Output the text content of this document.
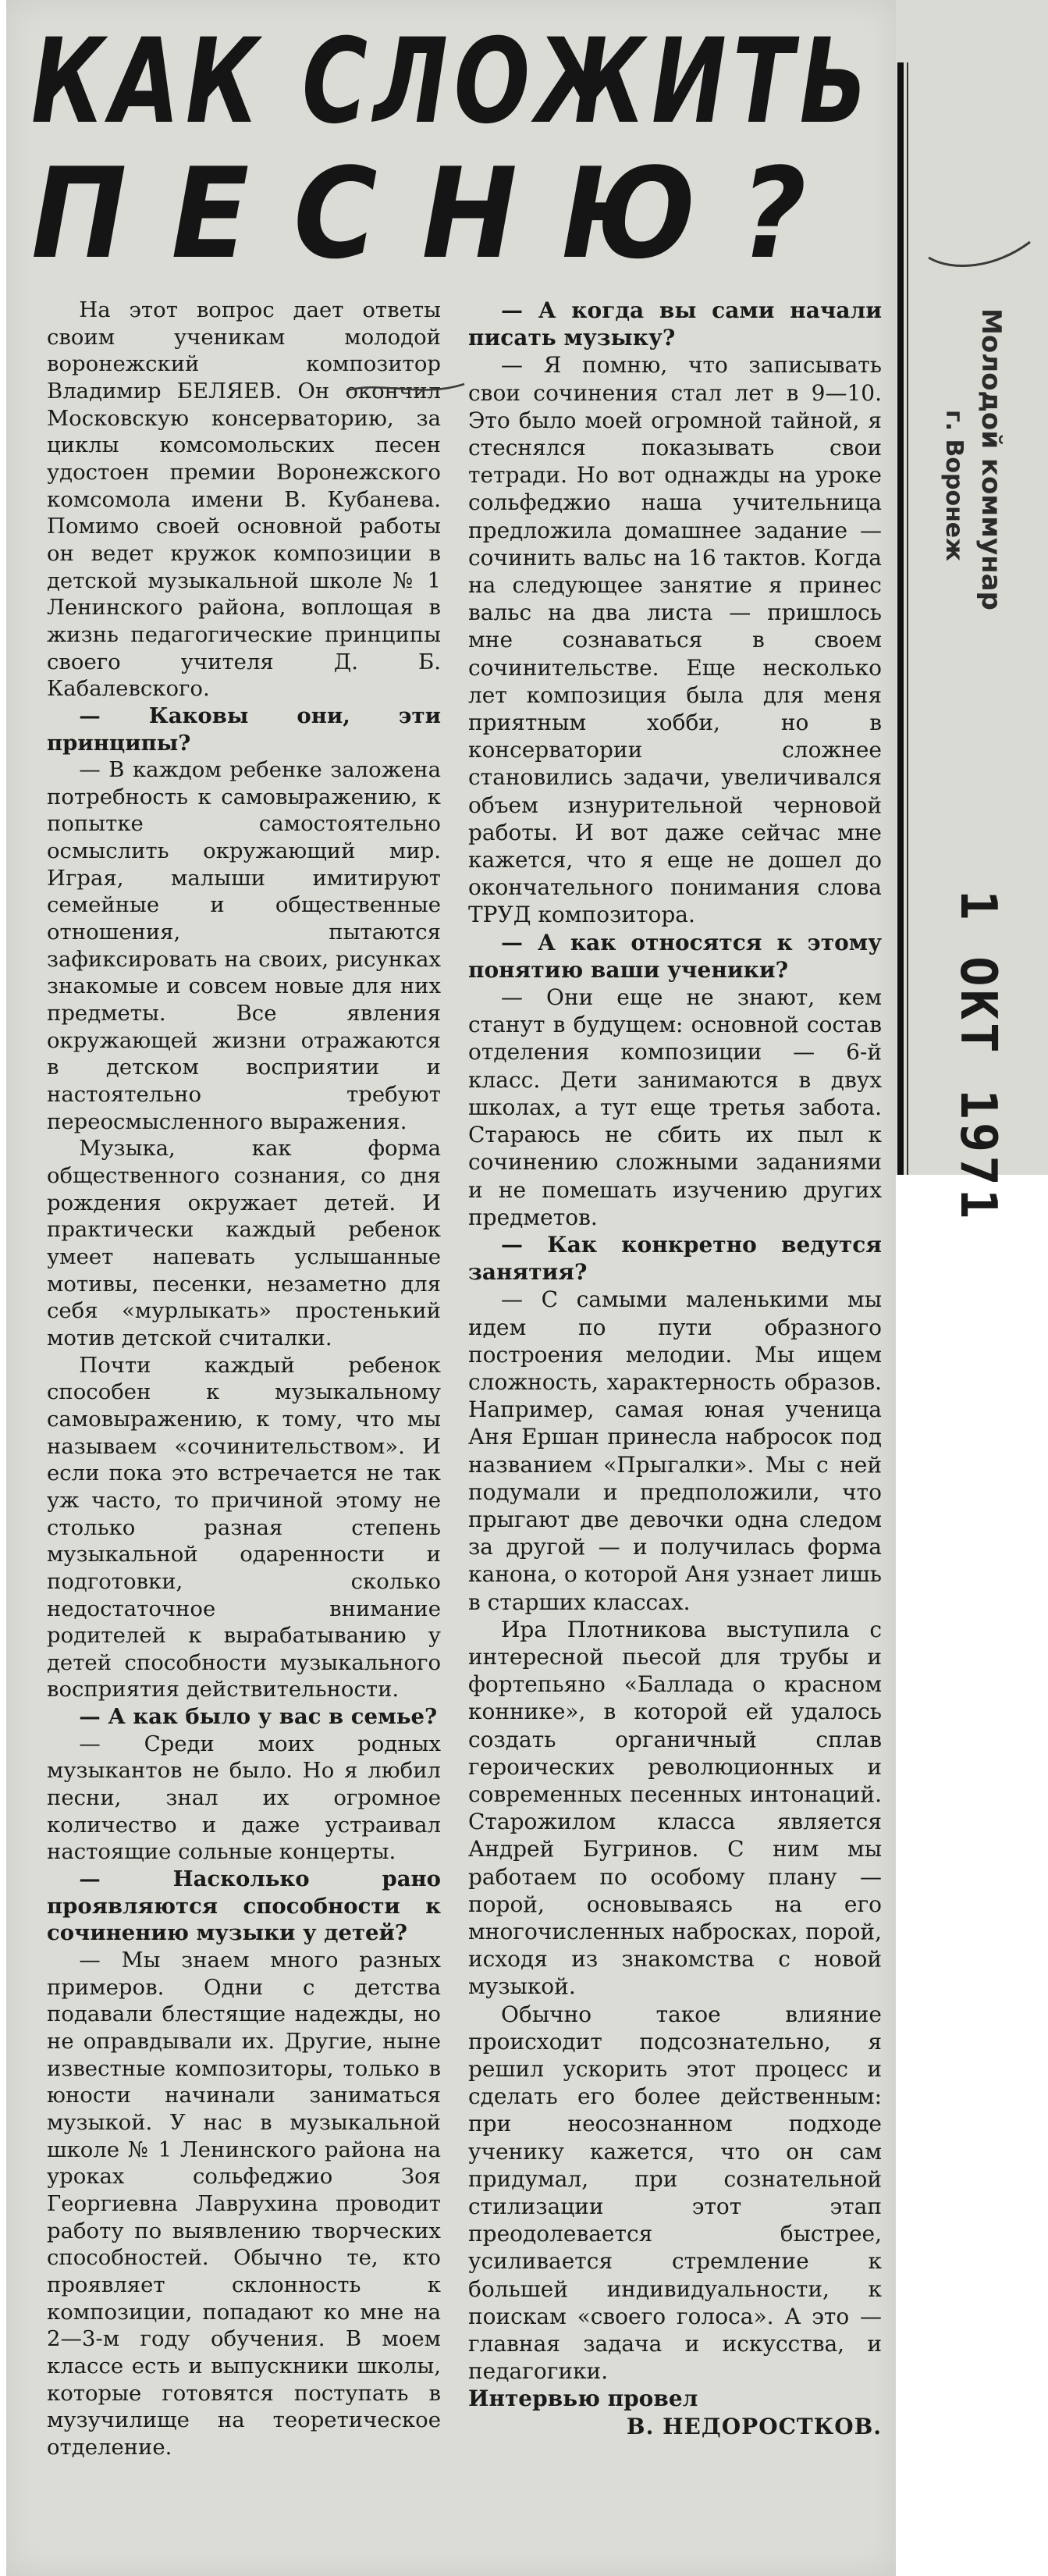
КАК СЛОЖИТЬ
ПЕСНЮ?

На этот вопрос дает ответы своим ученикам молодой воронежский композитор Владимир БЕЛЯЕВ. Он окончил Московскую консерваторию, за циклы комсомольских песен удостоен премии Воронежского комсомола имени В. Кубанева. Помимо своей основной работы он ведет кружок композиции в детской музыкальной школе № 1 Ленинского района, воплощая в жизнь педагогические принципы своего учителя Д. Б. Кабалевского.

— Каковы они, эти принципы?

— В каждом ребенке заложена потребность к самовыражению, к попытке самостоятельно осмыслить окружающий мир. Играя, малыши имитируют семейные и общественные отношения, пытаются зафиксировать на своих, рисунках знакомые и совсем новые для них предметы. Все явления окружающей жизни отражаются в детском восприятии и настоятельно требуют переосмысленного выражения.

Музыка, как форма общественного сознания, со дня рождения окружает детей. И практически каждый ребенок умеет напевать услышанные мотивы, песенки, незаметно для себя «мурлыкать» простенький мотив детской считалки.

Почти каждый ребенок способен к музыкальному самовыражению, к тому, что мы называем «сочинительством». И если пока это встречается не так уж часто, то причиной этому не столько разная степень музыкальной одаренности и подготовки, сколько недостаточное внимание родителей к вырабатыванию у детей способности музыкального восприятия действительности.

— А как было у вас в семье?

— Среди моих родных музыкантов не было. Но я любил песни, знал их огромное количество и даже устраивал настоящие сольные концерты.

— Насколько рано проявляются способности к сочинению музыки у детей?

— Мы знаем много разных примеров. Одни с детства подавали блестящие надежды, но не оправдывали их. Другие, ныне известные композиторы, только в юности начинали заниматься музыкой. У нас в музыкальной школе № 1 Ленинского района на уроках сольфеджио Зоя Георгиевна Лаврухина проводит работу по выявлению творческих способностей. Обычно те, кто проявляет склонность к композиции, попадают ко мне на 2—3-м году обучения. В моем классе есть и выпускники школы, которые готовятся поступать в музучилище на теоретическое отделение.

— А когда вы сами начали писать музыку?

— Я помню, что записывать свои сочинения стал лет в 9—10. Это было моей огромной тайной, я стеснялся показывать свои тетради. Но вот однажды на уроке сольфеджио наша учительница предложила домашнее задание — сочинить вальс на 16 тактов. Когда на следующее занятие я принес вальс на два листа — пришлось мне сознаваться в своем сочинительстве. Еще несколько лет композиция была для меня приятным хобби, но в консерватории сложнее становились задачи, увеличивался объем изнурительной черновой работы. И вот даже сейчас мне кажется, что я еще не дошел до окончательного понимания слова ТРУД композитора.

— А как относятся к этому понятию ваши ученики?

— Они еще не знают, кем станут в будущем: основной состав отделения композиции — 6-й класс. Дети занимаются в двух школах, а тут еще третья забота. Стараюсь не сбить их пыл к сочинению сложными заданиями и не помешать изучению других предметов.

— Как конкретно ведутся занятия?

— С самыми маленькими мы идем по пути образного построения мелодии. Мы ищем сложность, характерность образов. Например, самая юная ученица Аня Ершан принесла набросок под названием «Прыгалки». Мы с ней подумали и предположили, что прыгают две девочки одна следом за другой — и получилась форма канона, о которой Аня узнает лишь в старших классах.

Ира Плотникова выступила с интересной пьесой для трубы и фортепьяно «Баллада о красном коннике», в которой ей удалось создать органичный сплав героических революционных и современных песенных интонаций. Старожилом класса является Андрей Бугринов. С ним мы работаем по особому плану — порой, основываясь на его многочисленных набросках, порой, исходя из знакомства с новой музыкой.

Обычно такое влияние происходит подсознательно, я решил ускорить этот процесс и сделать его более действенным: при неосознанном подходе ученику кажется, что он сам придумал, при сознательной стилизации этот этап преодолевается быстрее, усиливается стремление к большей индивидуальности, к поискам «своего голоса». А это — главная задача и искусства, и педагогики.

Интервью провел

В. НЕДОРОСТКОВ.

Молодой коммунар
г. Воронеж
1 ОКТ 1971
